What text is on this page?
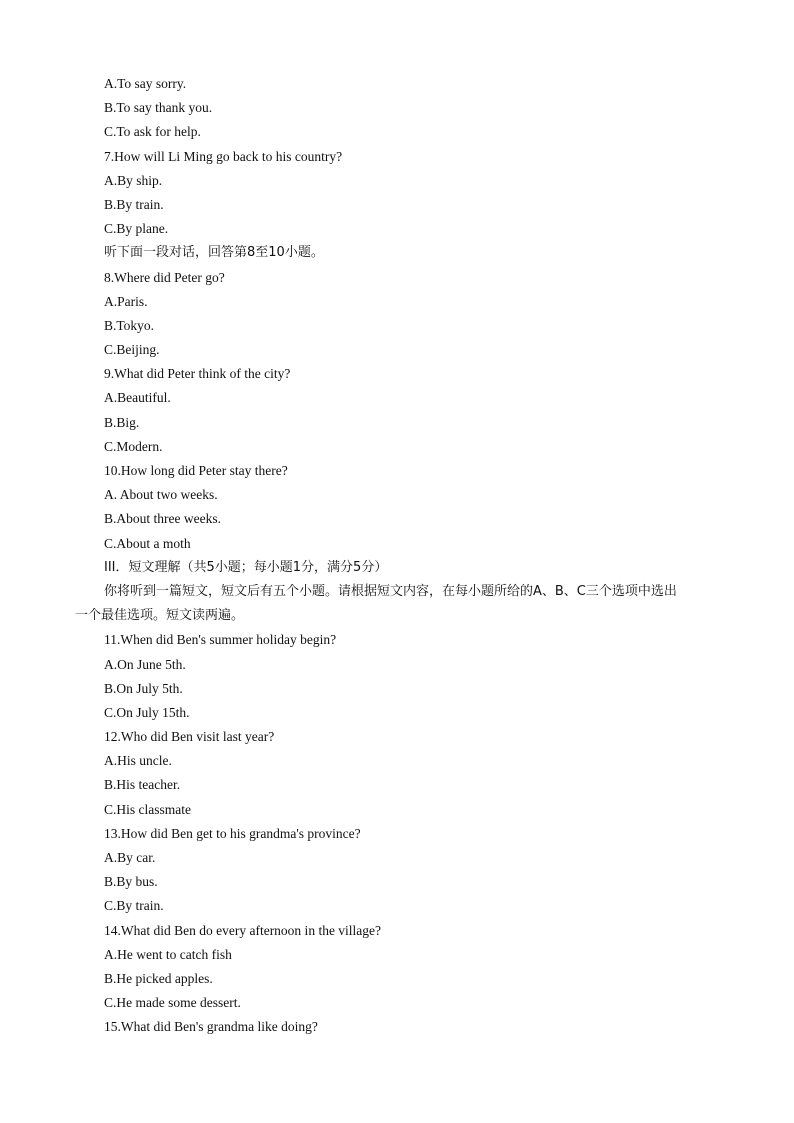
A.To say sorry.
B.To say thank you.
C.To ask for help.
7.How will Li Ming go back to his country?
A.By ship.
B.By train.
C.By plane.
听下面一段对话，回答第8至10小题。
8.Where did Peter go?
A.Paris.
B.Tokyo.
C.Beijing.
9.What did Peter think of the city?
A.Beautiful.
B.Big.
C.Modern.
10.How long did Peter stay there?
A. About two weeks.
B.About three weeks.
C.About a moth
III．短文理解（共5小题；每小题1分，满分5分）
你将听到一篇短文，短文后有五个小题。请根据短文内容，在每小题所给的A、B、C三个选项中选出
一个最佳选项。短文读两遍。
11.When did Ben's summer holiday begin?
A.On June 5th.
B.On July 5th.
C.On July 15th.
12.Who did Ben visit last year?
A.His uncle.
B.His teacher.
C.His classmate
13.How did Ben get to his grandma's province?
A.By car.
B.By bus.
C.By train.
14.What did Ben do every afternoon in the village?
A.He went to catch fish
B.He picked apples.
C.He made some dessert.
15.What did Ben's grandma like doing?
